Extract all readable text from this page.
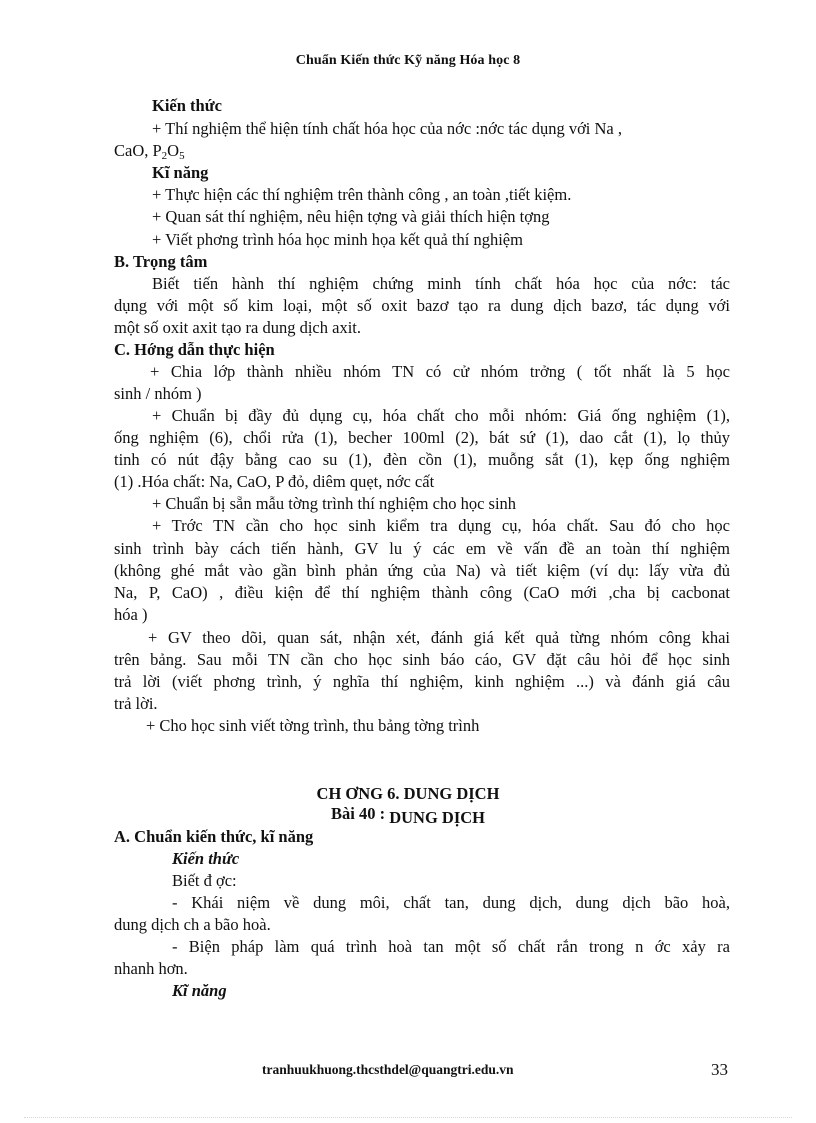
Chuẩn Kiến thức Kỹ năng Hóa học 8
Kiến thức
+ Thí nghiệm thể hiện tính chất hóa học của nớc :nớc tác dụng với Na ,
CaO, $P_2O_5$
Kĩ năng
+ Thực hiện các thí nghiệm trên thành công , an toàn ,tiết kiệm.
+ Quan sát thí nghiệm, nêu hiện tợng và giải thích hiện tợng
+ Viết phơng trình hóa học minh họa kết quả thí nghiệm
B. Trọng tâm
Biết tiến hành thí nghiệm chứng minh tính chất hóa học của nớc: tác
dụng với một số kim loại, một số oxit bazơ tạo ra dung dịch bazơ, tác dụng với
một số oxit axit tạo ra dung dịch axit.
C. Hớng dẫn thực hiện
+ Chia lớp thành nhiều nhóm TN có cử nhóm trởng ( tốt nhất là 5 học
sinh / nhóm )
+ Chuẩn bị đầy đủ dụng cụ, hóa chất cho mỗi nhóm: Giá ống nghiệm (1),
ống nghiệm (6), chổi rửa (1), becher 100ml (2), bát sứ (1), dao cắt (1), lọ thủy
tinh có nút đậy bằng cao su (1), đèn cồn (1), muỗng sắt (1), kẹp ống nghiệm
(1) .Hóa chất: Na, CaO, P đỏ, diêm quẹt, nớc cất
+ Chuẩn bị sẵn mẫu tờng trình thí nghiệm cho học sinh
+ Trớc TN cần cho học sinh kiểm tra dụng cụ, hóa chất. Sau đó cho học
sinh trình bày cách tiến hành, GV lu ý các em về vấn đề an toàn thí nghiệm
(không ghé mắt vào gần bình phản ứng của Na) và tiết kiệm (ví dụ: lấy vừa đủ
Na, P, CaO) , điều kiện để thí nghiệm thành công (CaO mới ,cha bị cacbonat
hóa )
+ GV theo dõi, quan sát, nhận xét, đánh giá kết quả từng nhóm công khai
trên bảng. Sau mỗi TN cần cho học sinh báo cáo, GV đặt câu hỏi để học sinh
trả lời (viết phơng trình, ý nghĩa thí nghiệm, kinh nghiệm ...) và đánh giá câu
trả lời.
+ Cho học sinh viết tờng trình, thu bảng tờng trình
CH ƠNG 6. DUNG DỊCH
Bài 40 : DUNG DỊCH
A. Chuẩn kiến thức, kĩ năng
Kiến thức
Biết đ ợc:
- Khái niệm về dung môi, chất tan, dung dịch, dung dịch bão hoà,
dung dịch ch a bão hoà.
- Biện pháp làm quá trình hoà tan một số chất rắn trong n ớc xảy ra
nhanh hơn.
Kĩ năng
tranhuukhuong.thcsthdel@quangtri.edu.vn	33
